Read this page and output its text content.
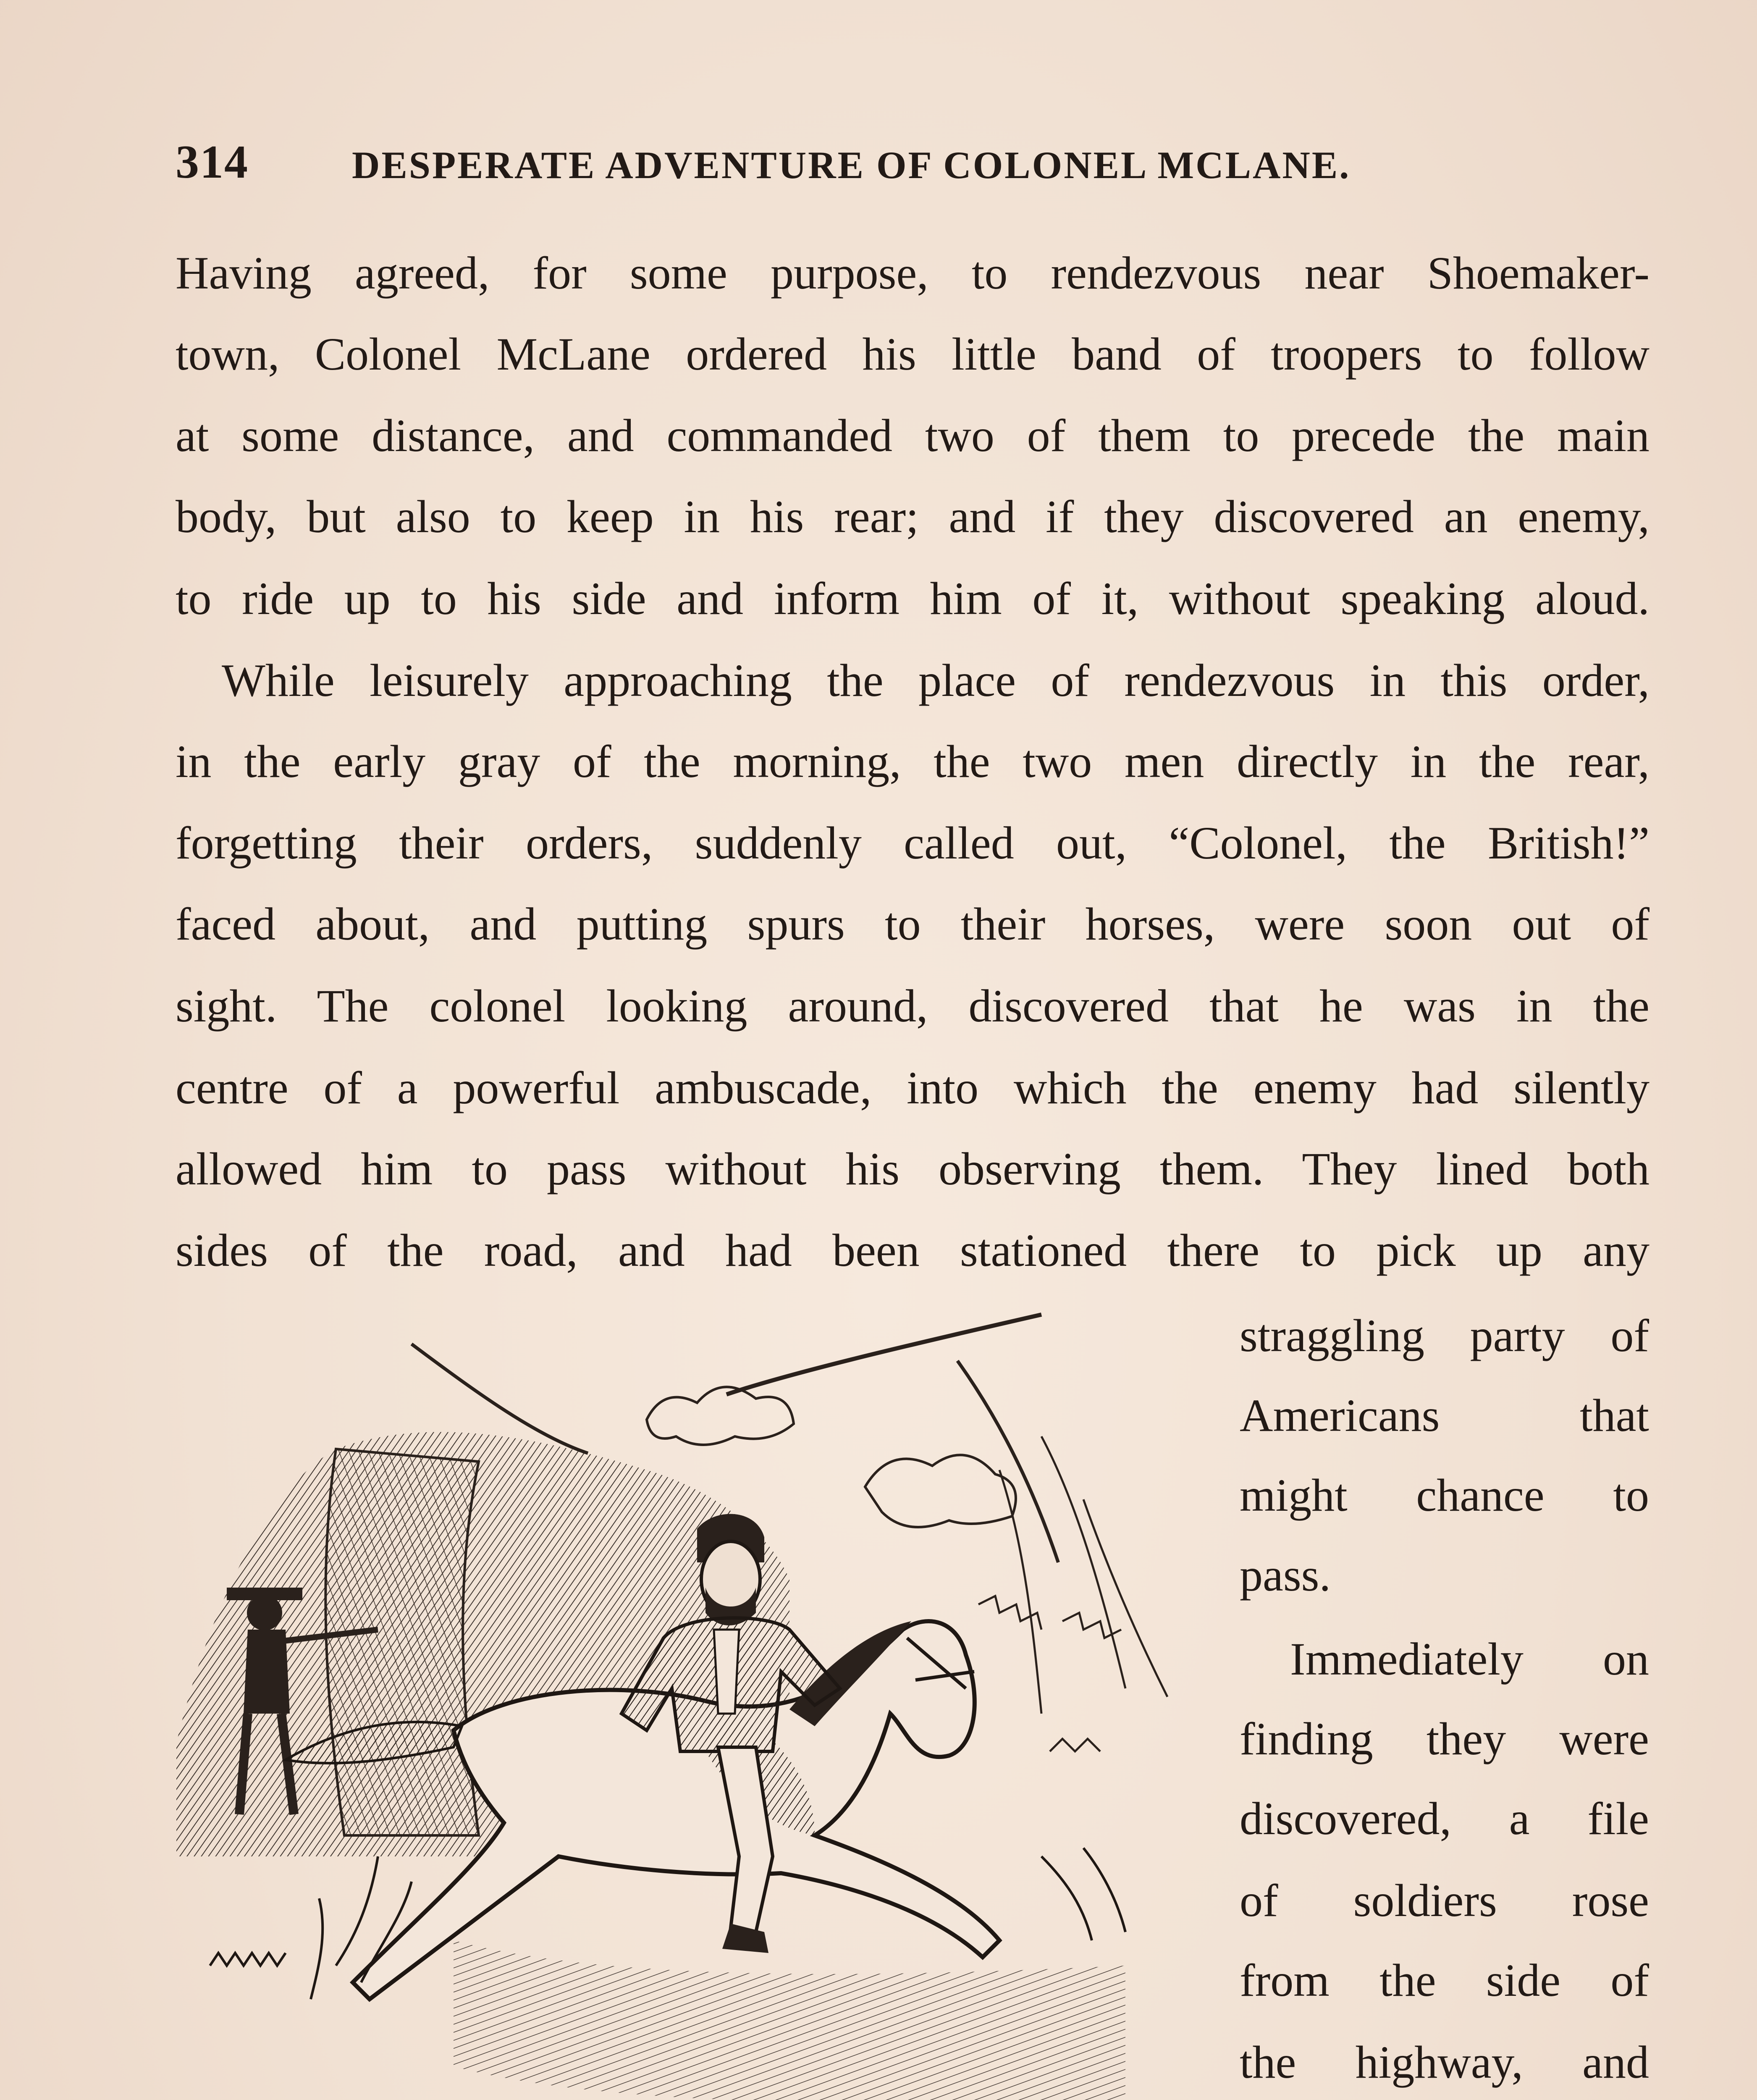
314	DESPERATE ADVENTURE OF COLONEL MCLANE.
Having agreed, for some purpose, to rendezvous near Shoemaker-
town, Colonel McLane ordered his little band of troopers to follow
at some distance, and commanded two of them to precede the main
body, but also to keep in his rear; and if they discovered an enemy,
to ride up to his side and inform him of it, without speaking aloud.
While leisurely approaching the place of rendezvous in this order,
in the early gray of the morning, the two men directly in the rear,
forgetting their orders, suddenly called out, “Colonel, the British!”
faced about, and putting spurs to their horses, were soon out of
sight. The colonel looking around, discovered that he was in the
centre of a powerful ambuscade, into which the enemy had silently
allowed him to pass without his observing them. They lined both
sides of the road, and had been stationed there to pick up any
straggling party of
Americans that
might chance to
pass.
Immediately on
finding they were
discovered, a file
of soldiers rose
from the side of
the highway, and
